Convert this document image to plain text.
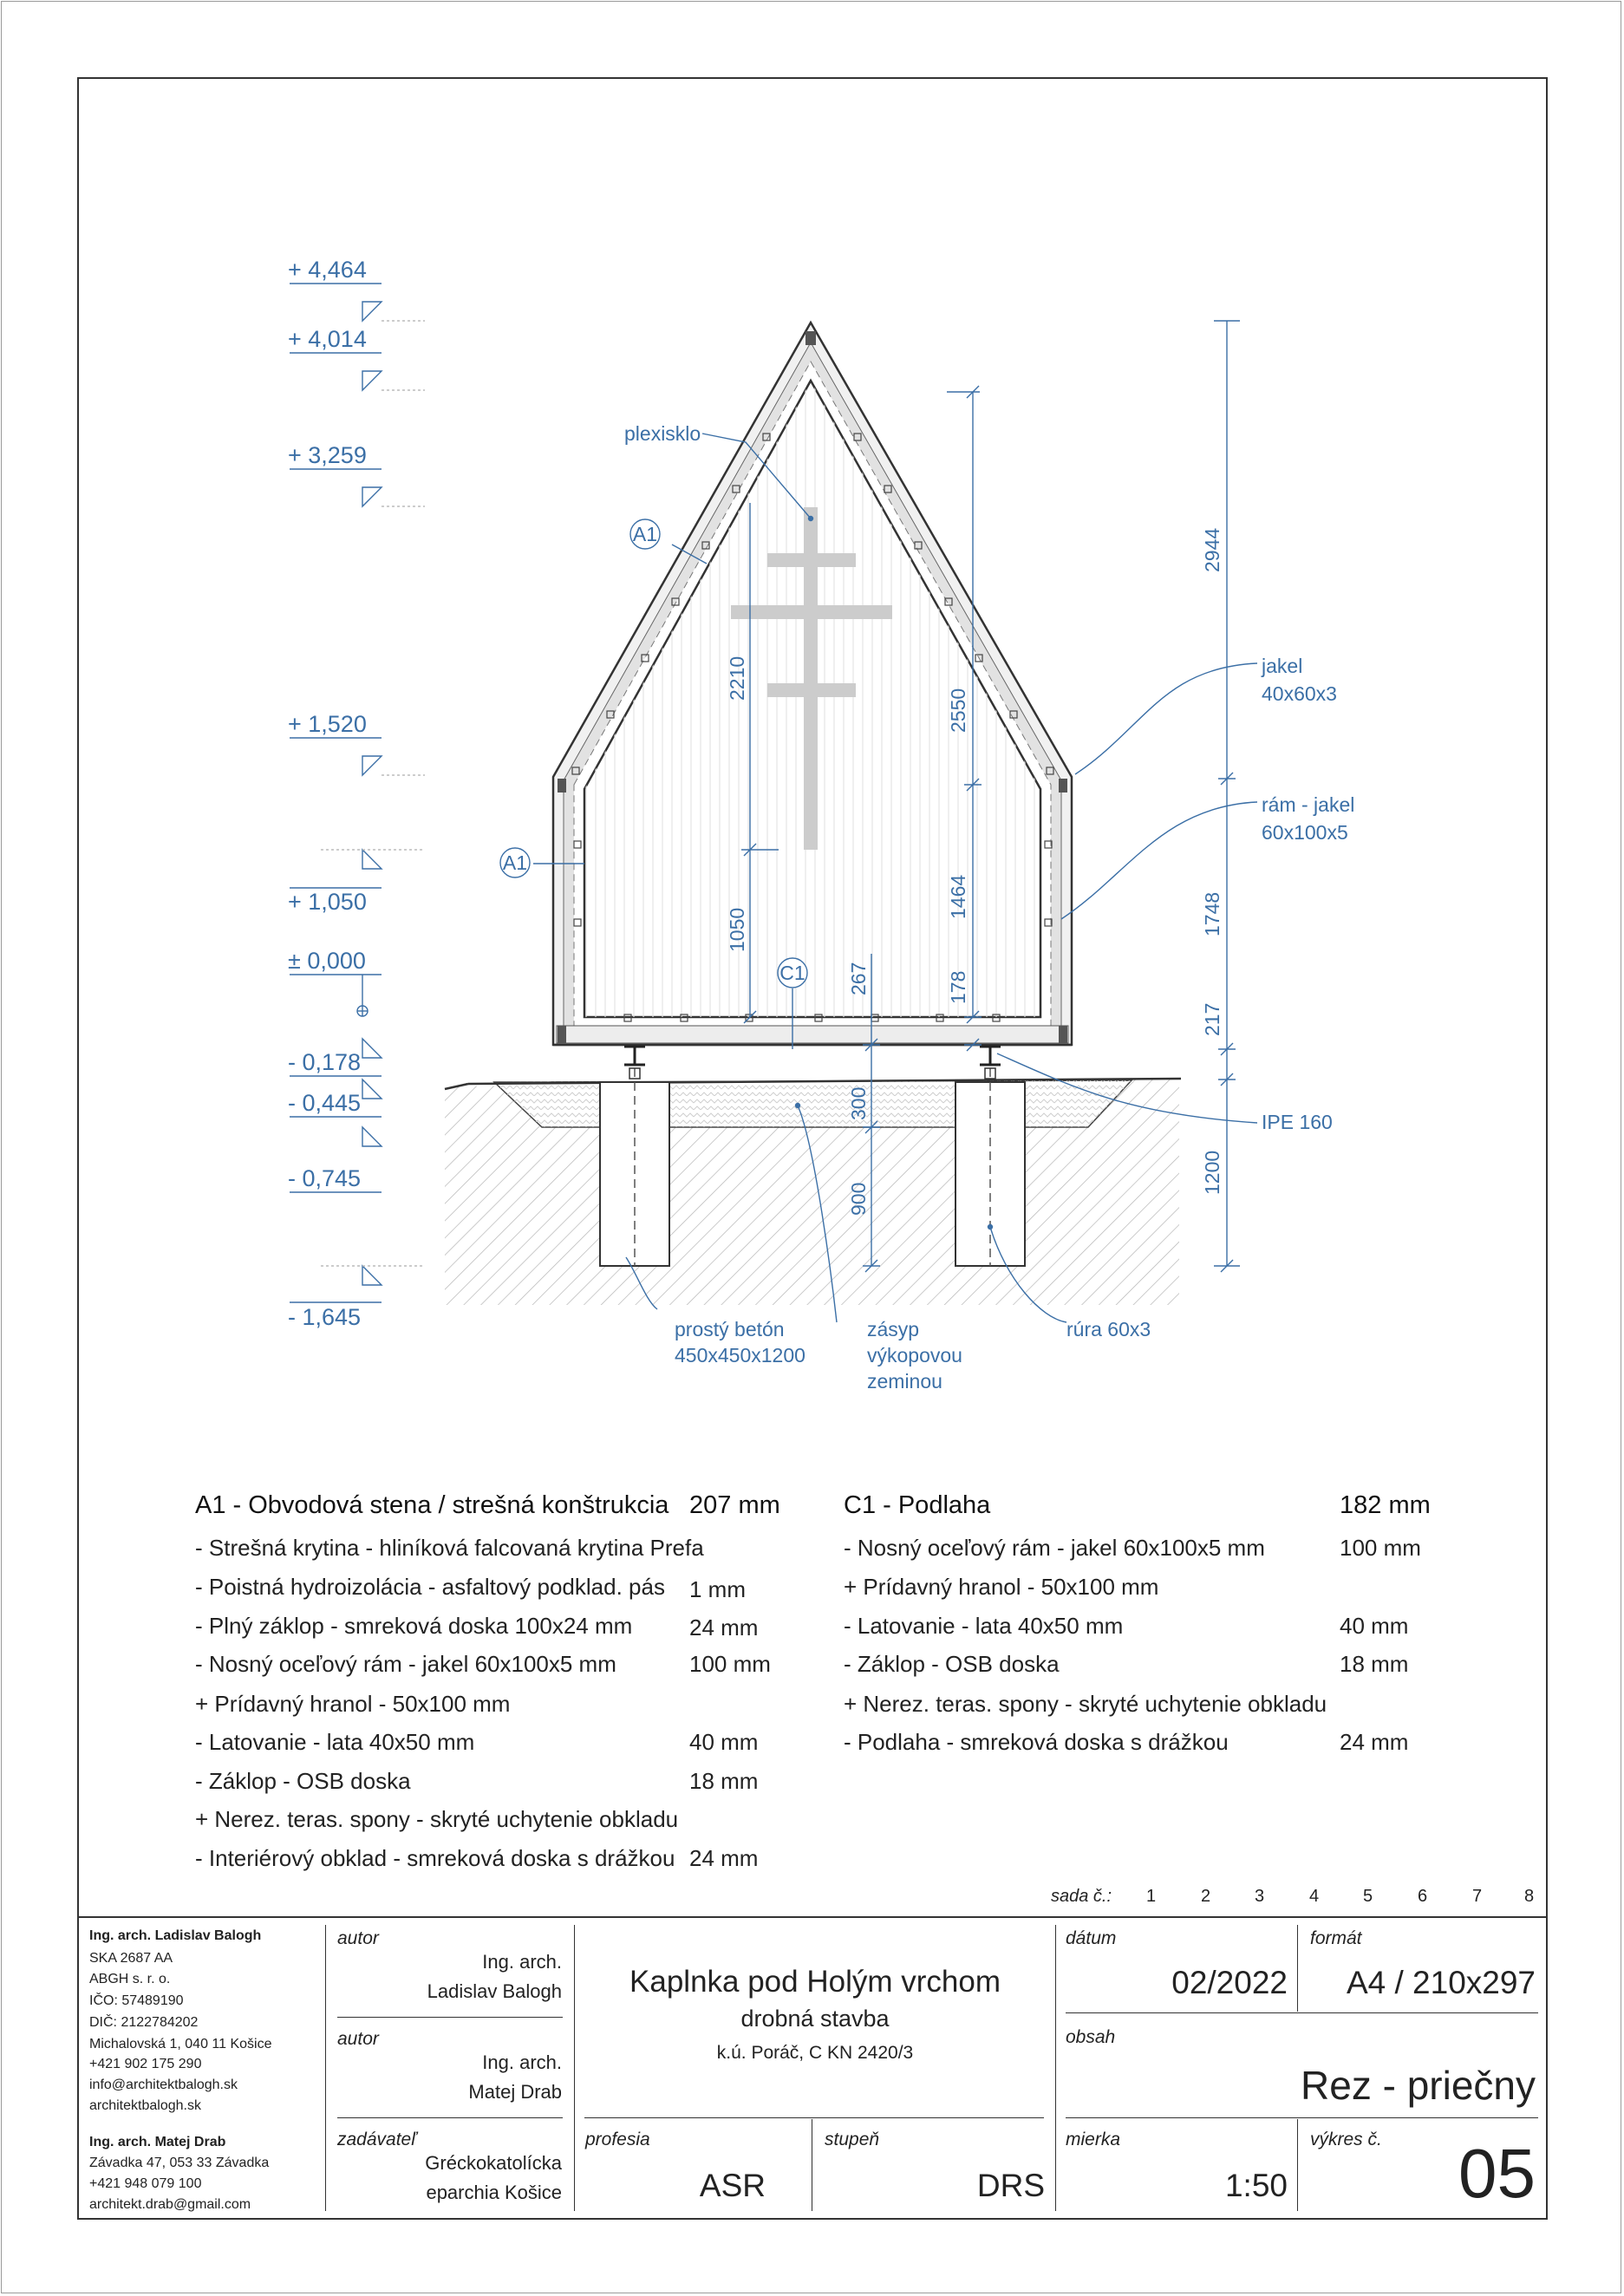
+ 4,464
+ 4,014
+ 3,259
+ 1,520
+ 1,050
± 0,000
- 0,178
- 0,445
- 0,745
- 1,645
2944
1748
217
1200
2550
1464
178
2210
1050
267
300
900
A1
A1
C1
plexisklo
jakel
40x60x3
rám - jakel
60x100x5
IPE 160
prostý betón
450x450x1200
zásyp
výkopovou
zeminou
rúra 60x3
A1 - Obvodová stena / strešná konštrukcia 207 mm
- Strešná krytina - hliníková falcovaná krytina Prefa
- Poistná hydroizolácia - asfaltový podklad. pás 1 mm
- Plný záklop - smreková doska 100x24 mm	24 mm
- Nosný oceľový rám - jakel 60x100x5 mm	100 mm
+ Prídavný hranol - 50x100 mm
- Latovanie - lata 40x50 mm	40 mm
- Záklop - OSB doska	18 mm
+ Nerez. teras. spony - skryté uchytenie obkladu
- Interiérový obklad - smreková doska s drážkou 24 mm
C1 - Podlaha	182 mm
- Nosný oceľový rám - jakel 60x100x5 mm	100 mm
+ Prídavný hranol - 50x100 mm
- Latovanie - lata 40x50 mm	40 mm
- Záklop - OSB doska	18 mm
+ Nerez. teras. spony - skryté uchytenie obkladu
- Podlaha - smreková doska s drážkou	24 mm
sada č.: 1	2	3	4	5	6	7 8
Ing. arch. Ladislav Balogh
SKA 2687 AA
ABGH s. r. o.
IČO: 57489190
DIČ: 2122784202
Michalovská 1, 040 11 Košice
+421 902 175 290
info@architektbalogh.sk
architektbalogh.sk
Ing. arch. Matej Drab
Závadka 47, 053 33 Závadka
+421 948 079 100
architekt.drab@gmail.com
autor
Ing. arch.
Ladislav Balogh
autor
Ing. arch.
Matej Drab
zadávateľ
Gréckokatolícka
eparchia Košice
Kaplnka pod Holým vrchom
drobná stavba
k.ú. Poráč, C KN 2420/3
profesia
ASR
stupeň
DRS
dátum
02/2022
formát
A4 / 210x297
obsah
Rez - priečny
mierka
1:50
výkres č. 05
